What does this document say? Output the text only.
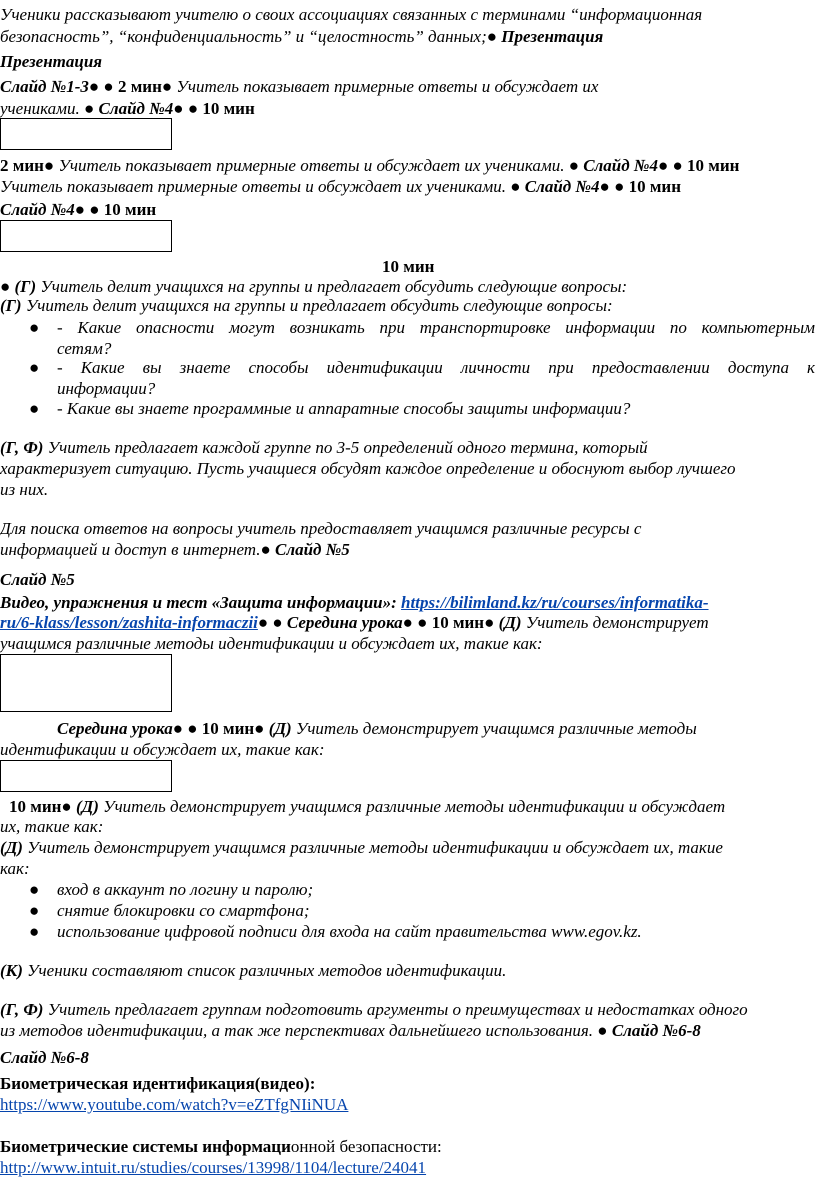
Ученики рассказывают учителю о своих ассоциациях связанных с терминами “информационная
безопасность”, “конфиденциальность” и “целостность” данных;● Презентация
Презентация
Слайд №1-3● ● 2 мин● Учитель показывает примерные ответы и обсуждает их
учениками. ● Слайд №4● ● 10 мин
2 мин● Учитель показывает примерные ответы и обсуждает их учениками. ● Слайд №4● ● 10 мин
Учитель показывает примерные ответы и обсуждает их учениками. ● Слайд №4● ● 10 мин
Слайд №4● ● 10 мин
10 мин
● (Г) Учитель делит учащихся на группы и предлагает обсудить следующие вопросы:
(Г) Учитель делит учащихся на группы и предлагает обсудить следующие вопросы:
● - Какие опасности могут возникать при транспортировке информации по компьютерным
сетям?
● - Какие вы знаете способы идентификации личности при предоставлении доступа к
информации?
● - Какие вы знаете программные и аппаратные способы защиты информации?
(Г, Ф) Учитель предлагает каждой группе по 3-5 определений одного термина, который
характеризует ситуацию. Пусть учащиеся обсудят каждое определение и обоснуют выбор лучшего
из них.
Для поиска ответов на вопросы учитель предоставляет учащимся различные ресурсы с
информацией и доступ в интернет.● Слайд №5
Слайд №5
Видео, упражнения и тест «Защита информации»: https://bilimland.kz/ru/courses/informatika-
ru/6-klass/lesson/zashita-informaczii● ● Середина урока● ● 10 мин● (Д) Учитель демонстрирует
учащимся различные методы идентификации и обсуждает их, такие как:
Середина урока● ● 10 мин● (Д) Учитель демонстрирует учащимся различные методы
идентификации и обсуждает их, такие как:
10 мин● (Д) Учитель демонстрирует учащимся различные методы идентификации и обсуждает
их, такие как:
(Д) Учитель демонстрирует учащимся различные методы идентификации и обсуждает их, такие
как:
● вход в аккаунт по логину и паролю;
● снятие блокировки со смартфона;
● использование цифровой подписи для входа на сайт правительства www.egov.kz.
(К) Ученики составляют список различных методов идентификации.
(Г, Ф) Учитель предлагает группам подготовить аргументы о преимуществах и недостатках одного
из методов идентификации, а так же перспективах дальнейшего использования. ● Слайд №6-8
Слайд №6-8
Биометрическая идентификация(видео):
https://www.youtube.com/watch?v=eZTfgNIiNUA
Биометрические системы информационной безопасности:
http://www.intuit.ru/studies/courses/13998/1104/lecture/24041
